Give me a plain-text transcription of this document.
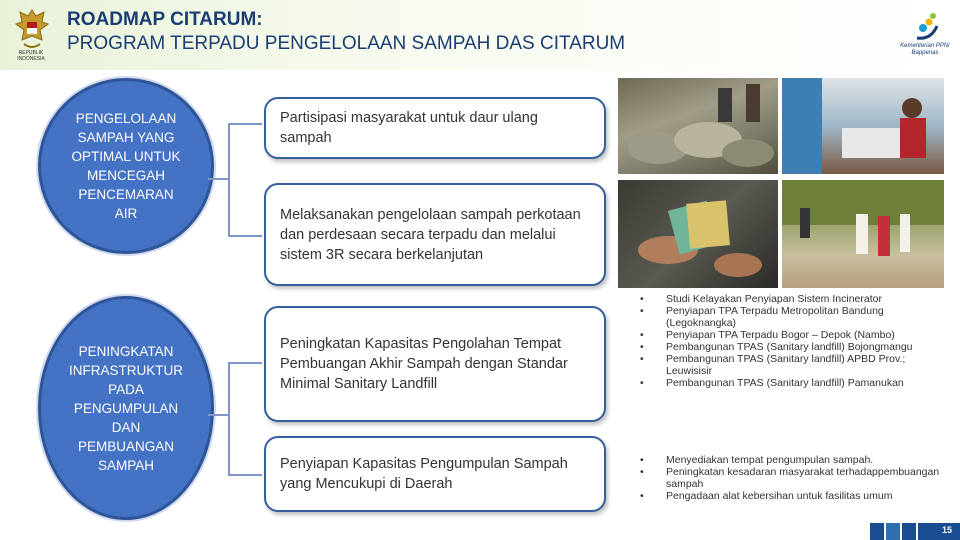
REPUBLIK INDONESIA
ROADMAP CITARUM:
PROGRAM TERPADU PENGELOLAAN SAMPAH DAS CITARUM	Kementerian PPN/ Bappenas
PENGELOLAAN
SAMPAH YANG
OPTIMAL UNTUK
MENCEGAH
PENCEMARAN
AIR
PENINGKATAN
INFRASTRUKTUR
PADA
PENGUMPULAN
DAN
PEMBUANGAN
SAMPAH
Partisipasi masyarakat untuk daur ulang sampah
Melaksanakan pengelolaan sampah perkotaan dan perdesaan secara terpadu dan melalui sistem 3R secara berkelanjutan
Peningkatan Kapasitas Pengolahan Tempat Pembuangan Akhir Sampah dengan Standar Minimal Sanitary Landfill
Penyiapan Kapasitas Pengumpulan Sampah yang Mencukupi di Daerah
• Studi Kelayakan Penyiapan Sistem Incinerator
• Penyiapan TPA Terpadu Metropolitan Bandung (Legoknangka)
• Penyiapan TPA Terpadu Bogor – Depok (Nambo)
• Pembangunan TPAS (Sanitary landfill) Bojongmangu
• Pembangunan TPAS (Sanitary landfill) APBD Prov.; Leuwisisir
• Pembangunan TPAS (Sanitary landfill) Pamanukan
• Menyediakan tempat pengumpulan sampah.
• Peningkatan kesadaran masyarakat terhadappembuangan sampah
• Pengadaan alat kebersihan untuk fasilitas umum
15
